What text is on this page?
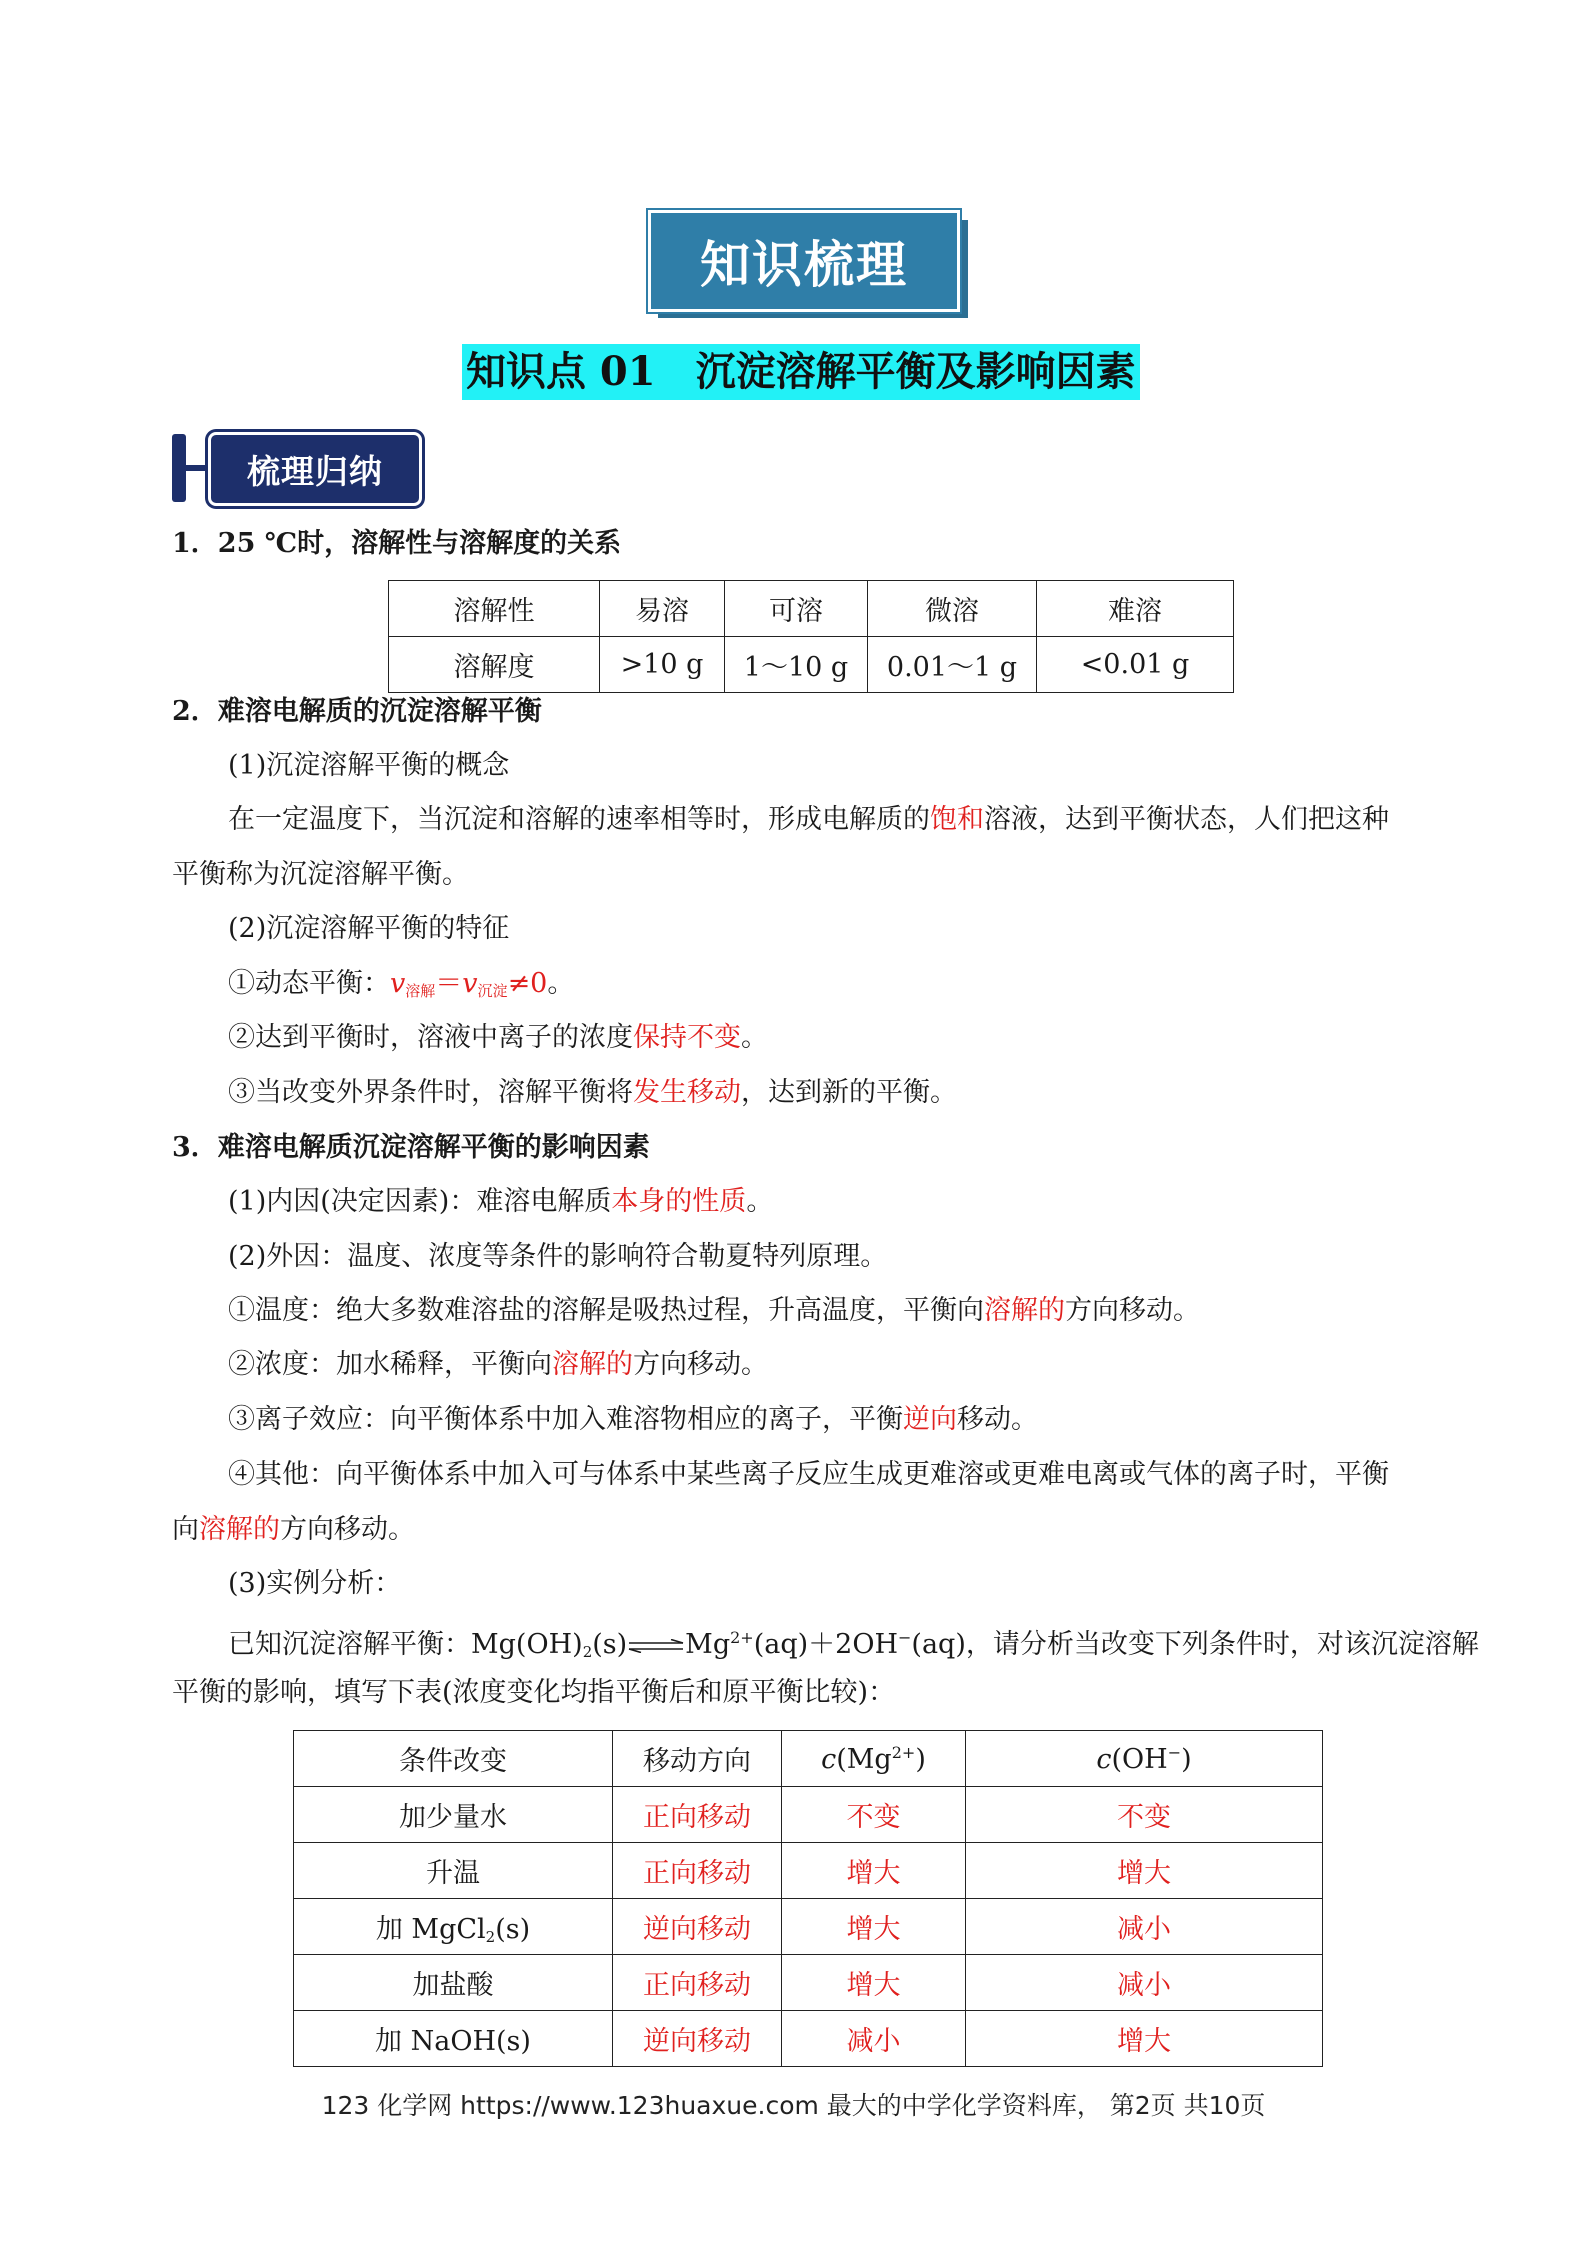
知识梳理
知识点 01 沉淀溶解平衡及影响因素
梳理归纳
1．25 ℃时，溶解性与溶解度的关系
溶解性	易溶	可溶	微溶	难溶
溶解度	>10 g	1～10 g	0.01～1 g	<0.01 g
2．难溶电解质的沉淀溶解平衡
(1)沉淀溶解平衡的概念
在一定温度下，当沉淀和溶解的速率相等时，形成电解质的饱和溶液，达到平衡状态，人们把这种
平衡称为沉淀溶解平衡。
(2)沉淀溶解平衡的特征
①动态平衡：$v_{溶解}=v_{沉淀}\ne 0$。
②达到平衡时，溶液中离子的浓度保持不变。
③当改变外界条件时，溶解平衡将发生移动，达到新的平衡。
3．难溶电解质沉淀溶解平衡的影响因素
(1)内因(决定因素)：难溶电解质本身的性质。
(2)外因：温度、浓度等条件的影响符合勒夏特列原理。
①温度：绝大多数难溶盐的溶解是吸热过程，升高温度，平衡向溶解的方向移动。
②浓度：加水稀释，平衡向溶解的方向移动。
③离子效应：向平衡体系中加入难溶物相应的离子，平衡逆向移动。
④其他：向平衡体系中加入可与体系中某些离子反应生成更难溶或更难电离或气体的离子时，平衡
向溶解的方向移动。
(3)实例分析：
已知沉淀溶解平衡：$Mg(OH)_2(s)\rightleftharpoons Mg^{2+}(aq)+2OH^-(aq)$，请分析当改变下列条件时，对该沉淀溶解
平衡的影响，填写下表(浓度变化均指平衡后和原平衡比较)：
条件改变	移动方向	$c(Mg^{2+})$	c(OH−)
加少量水	正向移动	不变	不变
升温	正向移动	增大	增大
加 MgCl$_2$(s)	逆向移动	增大	减小
加盐酸	正向移动	增大	减小
加 NaOH(s)	逆向移动	减小	增大
123 化学网 https://www.123huaxue.com 最大的中学化学资料库， 第2页 共10页
